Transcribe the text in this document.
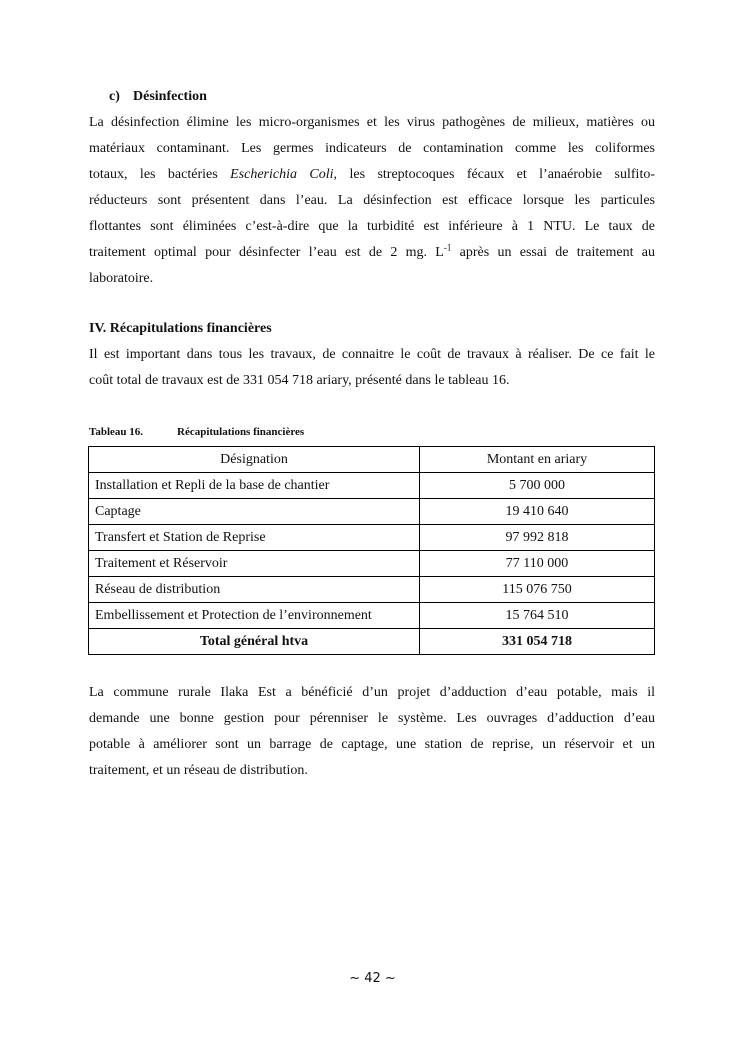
c) Désinfection
La désinfection élimine les micro-organismes et les virus pathogènes de milieux, matières ou
matériaux contaminant. Les germes indicateurs de contamination comme les coliformes
totaux, les bactéries Escherichia Coli, les streptocoques fécaux et l’anaérobie sulfito-
réducteurs sont présentent dans l’eau. La désinfection est efficace lorsque les particules
flottantes sont éliminées c’est-à-dire que la turbidité est inférieure à 1 NTU. Le taux de
traitement optimal pour désinfecter l’eau est de 2 mg. $L^{-1}$ après un essai de traitement au
laboratoire.
IV. Récapitulations financières
Il est important dans tous les travaux, de connaitre le coût de travaux à réaliser. De ce fait le
coût total de travaux est de 331 054 718 ariary, présenté dans le tableau 16.
Tableau 16.	Récapitulations financières
Désignation	Montant en ariary
Installation et Repli de la base de chantier	5 700 000
Captage	19 410 640
Transfert et Station de Reprise	97 992 818
Traitement et Réservoir	77 110 000
Réseau de distribution	115 076 750
Embellissement et Protection de l’environnement	15 764 510
Total général htva	331 054 718
La commune rurale Ilaka Est a bénéficié d’un projet d’adduction d’eau potable, mais il
demande une bonne gestion pour pérenniser le système. Les ouvrages d’adduction d’eau
potable à améliorer sont un barrage de captage, une station de reprise, un réservoir et un
traitement, et un réseau de distribution.
~ 42 ~
